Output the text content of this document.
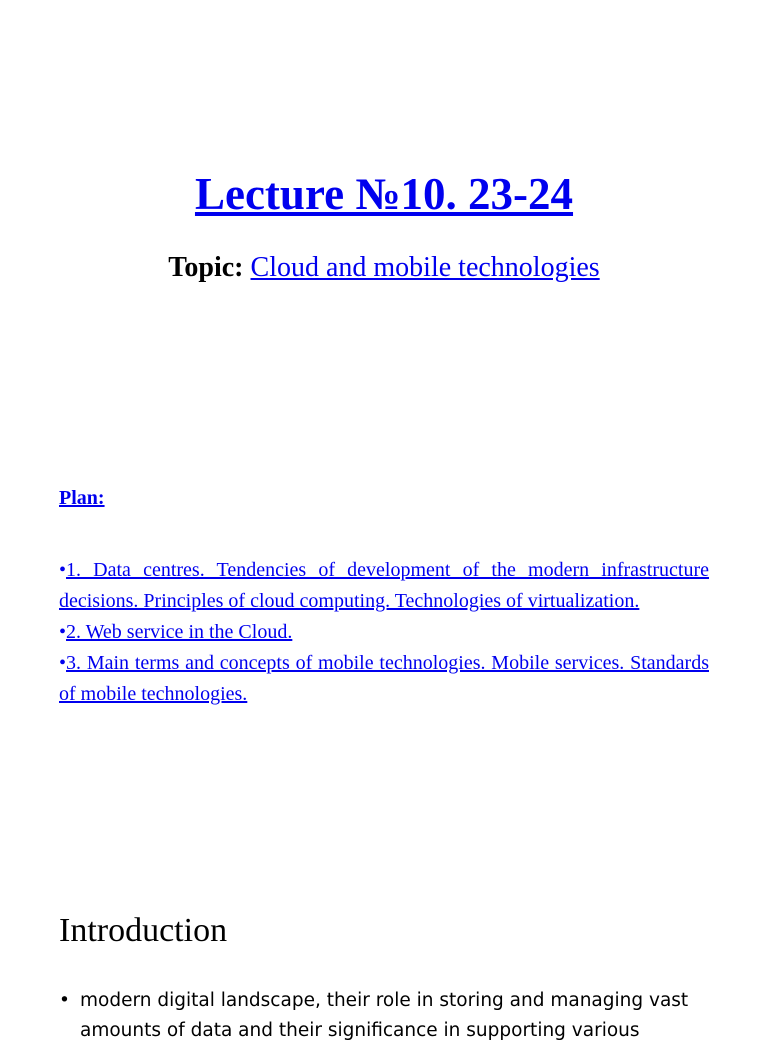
Lecture №10. 23-24

Topic: Cloud and mobile technologies

Plan:

•1. Data centres. Tendencies of development of the modern infrastructure decisions. Principles of cloud computing. Technologies of virtualization.
•2. Web service in the Cloud.
•3. Main terms and concepts of mobile technologies. Mobile services. Standards of mobile technologies.
Introduction
• modern digital landscape, their role in storing and managing vast amounts of data and their significance in supporting various
